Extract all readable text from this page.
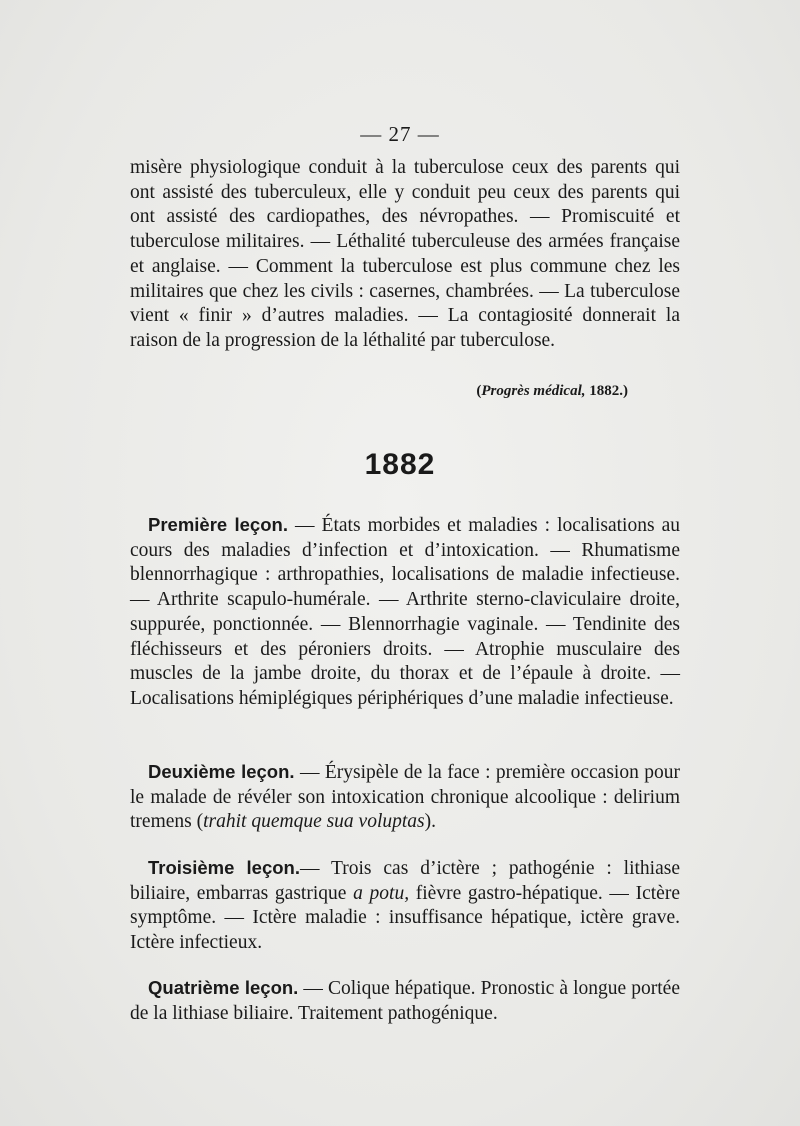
— 27 —

misère physiologique conduit à la tuberculose ceux des parents qui ont assisté des tuberculeux, elle y conduit peu ceux des parents qui ont assisté des cardiopathes, des névropathes. — Promiscuité et tuberculose militaires. — Léthalité tuberculeuse des armées française et anglaise. — Comment la tuberculose est plus commune chez les militaires que chez les civils : casernes, chambrées. — La tuberculose vient « finir » d’autres maladies. — La contagiosité donnerait la raison de la progression de la léthalité par tuberculose.

(Progrès médical, 1882.)
1882

Première leçon. — États morbides et maladies : localisations au cours des maladies d’infection et d’intoxication. — Rhumatisme blennorrhagique : arthropathies, localisations de maladie infectieuse. — Arthrite scapulo-humérale. — Arthrite sterno-claviculaire droite, suppurée, ponctionnée. — Blennorrhagie vaginale. — Tendinite des fléchisseurs et des péroniers droits. — Atrophie musculaire des muscles de la jambe droite, du thorax et de l’épaule à droite. — Localisations hémiplégiques périphériques d’une maladie infectieuse.

Deuxième leçon. — Érysipèle de la face : première occasion pour le malade de révéler son intoxication chronique alcoolique : delirium tremens (trahit quemque sua voluptas).

Troisième leçon.— Trois cas d’ictère ; pathogénie : lithiase biliaire, embarras gastrique a potu, fièvre gastro-hépatique. — Ictère symptôme. — Ictère maladie : insuffisance hépatique, ictère grave. Ictère infectieux.

Quatrième leçon. — Colique hépatique. Pronostic à longue portée de la lithiase biliaire. Traitement pathogénique.
